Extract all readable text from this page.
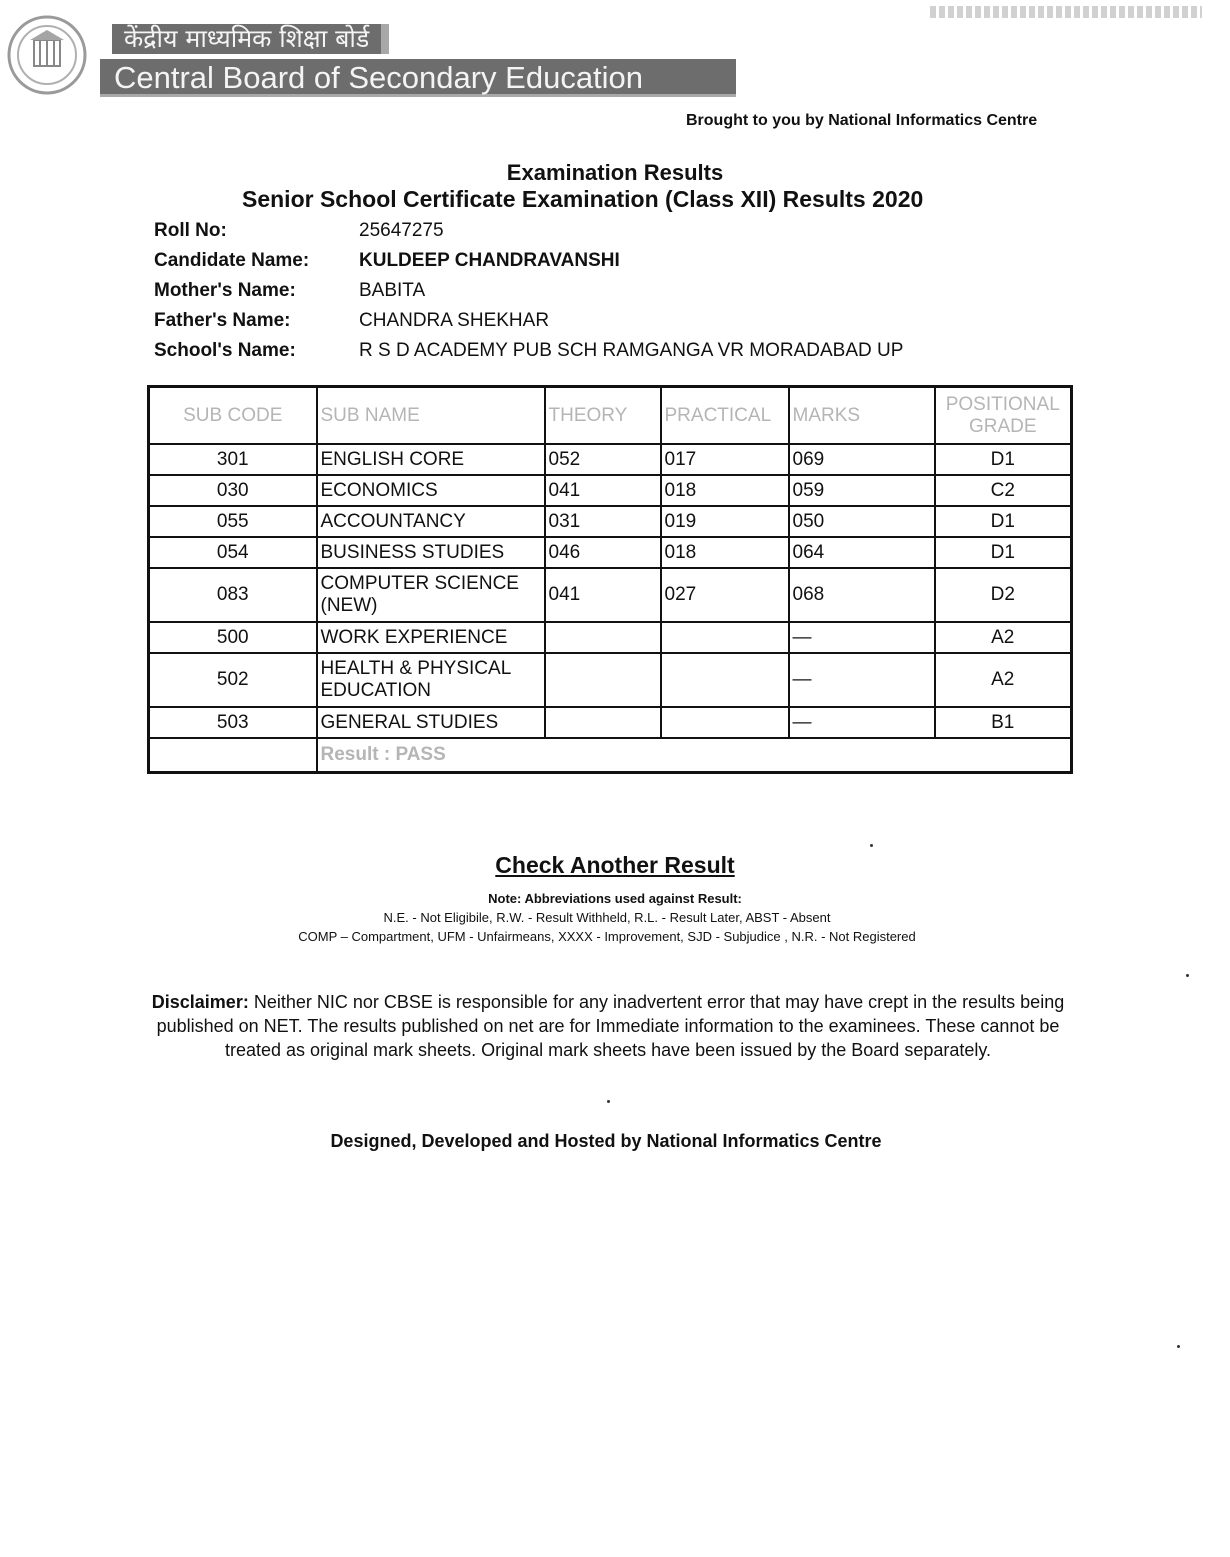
केंद्रीय माध्यमिक शिक्षा बोर्ड
Central Board of Secondary Education
Brought to you by National Informatics Centre
Examination Results
Senior School Certificate Examination (Class XII) Results 2020
Roll No:	25647275
Candidate Name:	KULDEEP CHANDRAVANSHI
Mother's Name:	BABITA
Father's Name:	CHANDRA SHEKHAR
School's Name:	R S D ACADEMY PUB SCH RAMGANGA VR MORADABAD UP
SUB CODE	SUB NAME	THEORY	PRACTICAL	MARKS	POSITIONAL GRADE
301	ENGLISH CORE	052	017	069	D1
030	ECONOMICS	041	018	059	C2
055	ACCOUNTANCY	031	019	050	D1
054	BUSINESS STUDIES	046	018	064	D1
083	COMPUTER SCIENCE (NEW)	041	027	068	D2
500	WORK EXPERIENCE			—	A2
502	HEALTH & PHYSICAL EDUCATION			—	A2
503	GENERAL STUDIES			—	B1
	Result : PASS				
Check Another Result
Note: Abbreviations used against Result:
N.E. - Not Eligibile, R.W. - Result Withheld, R.L. - Result Later, ABST - Absent
COMP – Compartment, UFM - Unfairmeans, XXXX - Improvement, SJD - Subjudice , N.R. - Not Registered
Disclaimer: Neither NIC nor CBSE is responsible for any inadvertent error that may have crept in the results being published on NET. The results published on net are for Immediate information to the examinees. These cannot be treated as original mark sheets. Original mark sheets have been issued by the Board separately.
Designed, Developed and Hosted by National Informatics Centre
